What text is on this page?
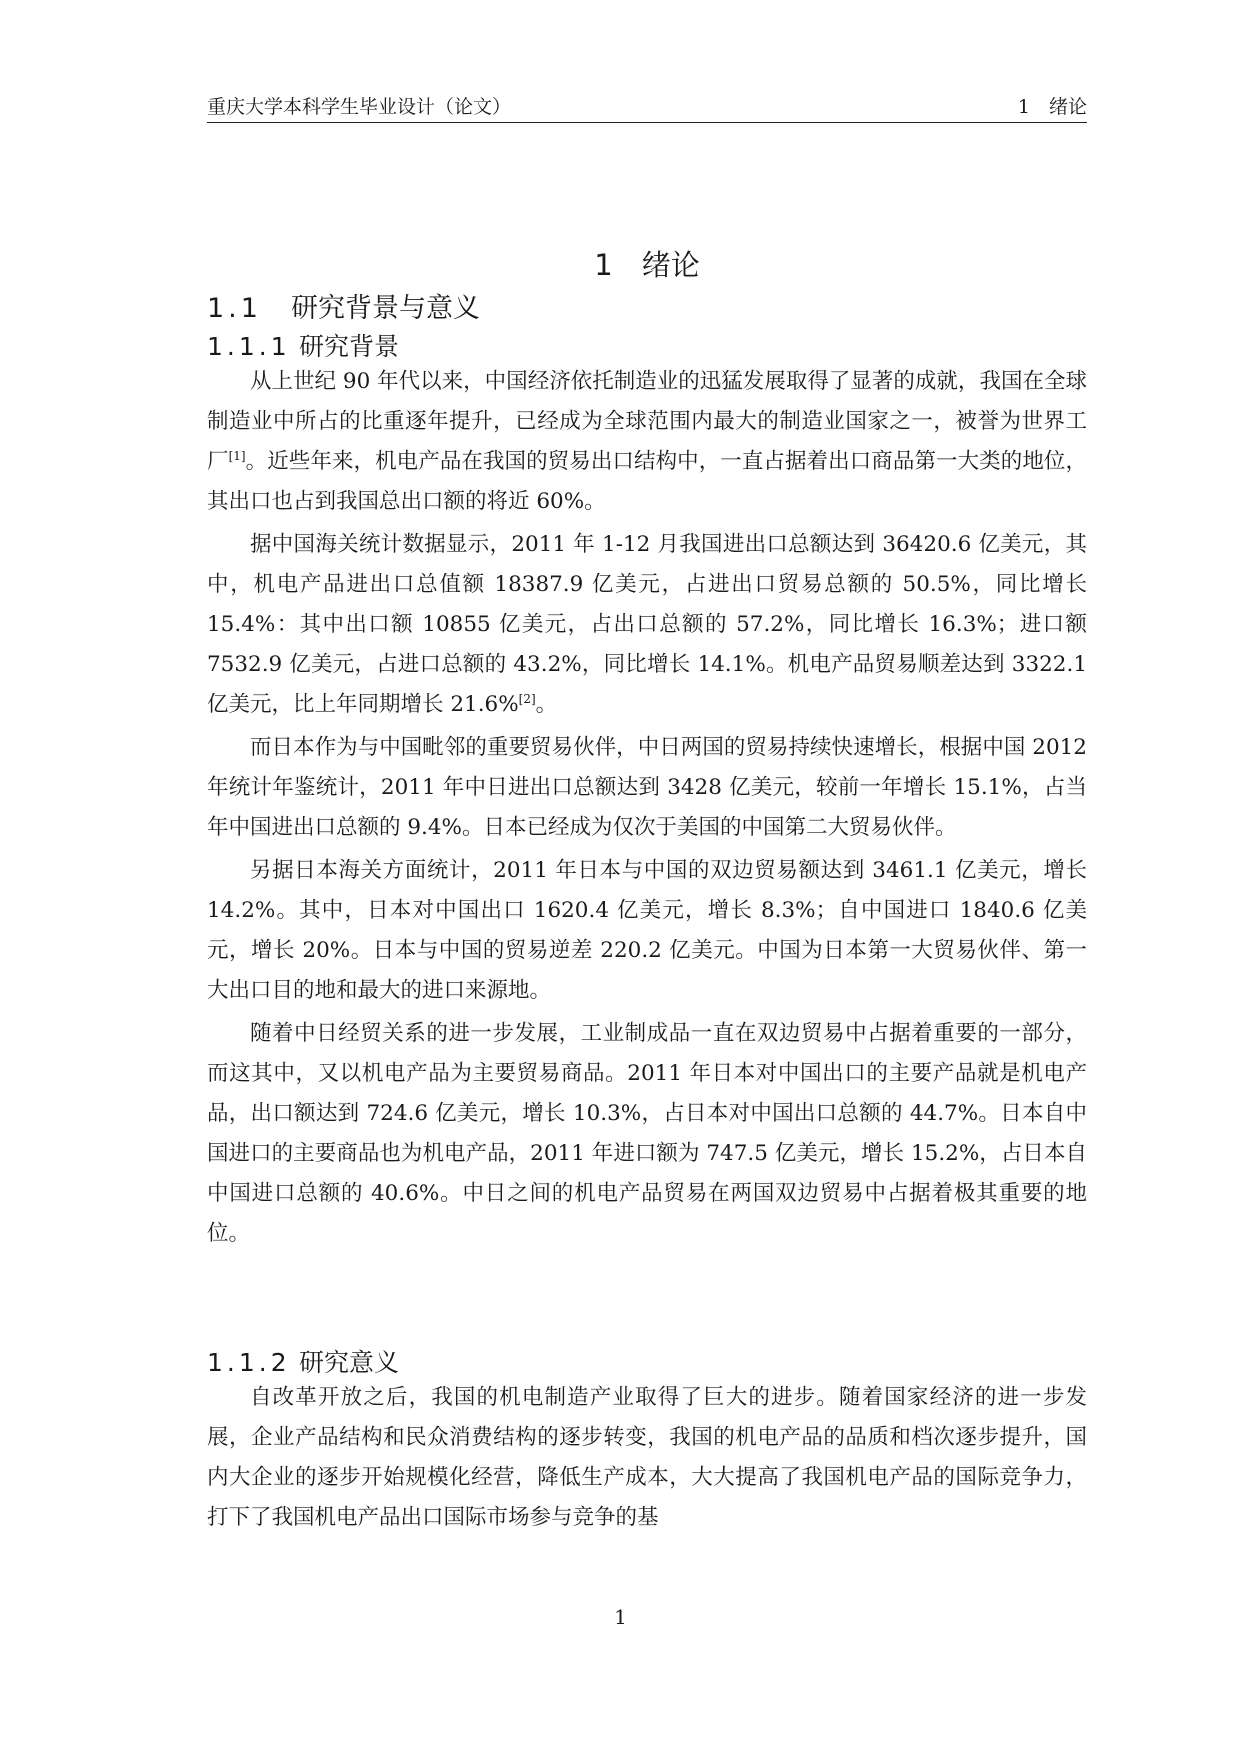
重庆大学本科学生毕业设计（论文）	1　绪论
1　绪论
1.1 研究背景与意义
1.1.1 研究背景

从上世纪 90 年代以来，中国经济依托制造业的迅猛发展取得了显著的成就，我国在全球制造业中所占的比重逐年提升，已经成为全球范围内最大的制造业国家之一，被誉为世界工厂[1]。近些年来，机电产品在我国的贸易出口结构中，一直占据着出口商品第一大类的地位，其出口也占到我国总出口额的将近 60%。

据中国海关统计数据显示，2011 年 1-12 月我国进出口总额达到 36420.6 亿美元，其中，机电产品进出口总值额 18387.9 亿美元，占进出口贸易总额的 50.5%，同比增长 15.4%：其中出口额 10855 亿美元，占出口总额的 57.2%，同比增长 16.3%；进口额 7532.9 亿美元，占进口总额的 43.2%，同比增长 14.1%。机电产品贸易顺差达到 3322.1 亿美元，比上年同期增长 21.6%[2]。

而日本作为与中国毗邻的重要贸易伙伴，中日两国的贸易持续快速增长，根据中国 2012 年统计年鉴统计，2011 年中日进出口总额达到 3428 亿美元，较前一年增长 15.1%，占当年中国进出口总额的 9.4%。日本已经成为仅次于美国的中国第二大贸易伙伴。

另据日本海关方面统计，2011 年日本与中国的双边贸易额达到 3461.1 亿美元，增长 14.2%。其中，日本对中国出口 1620.4 亿美元，增长 8.3%；自中国进口 1840.6 亿美元，增长 20%。日本与中国的贸易逆差 220.2 亿美元。中国为日本第一大贸易伙伴、第一大出口目的地和最大的进口来源地。

随着中日经贸关系的进一步发展，工业制成品一直在双边贸易中占据着重要的一部分，而这其中，又以机电产品为主要贸易商品。2011 年日本对中国出口的主要产品就是机电产品，出口额达到 724.6 亿美元，增长 10.3%，占日本对中国出口总额的 44.7%。日本自中国进口的主要商品也为机电产品，2011 年进口额为 747.5 亿美元，增长 15.2%，占日本自中国进口总额的 40.6%。中日之间的机电产品贸易在两国双边贸易中占据着极其重要的地位。

1.1.2 研究意义

自改革开放之后，我国的机电制造产业取得了巨大的进步。随着国家经济的进一步发展，企业产品结构和民众消费结构的逐步转变，我国的机电产品的品质和档次逐步提升，国内大企业的逐步开始规模化经营，降低生产成本，大大提高了我国机电产品的国际竞争力，打下了我国机电产品出口国际市场参与竞争的基

1
